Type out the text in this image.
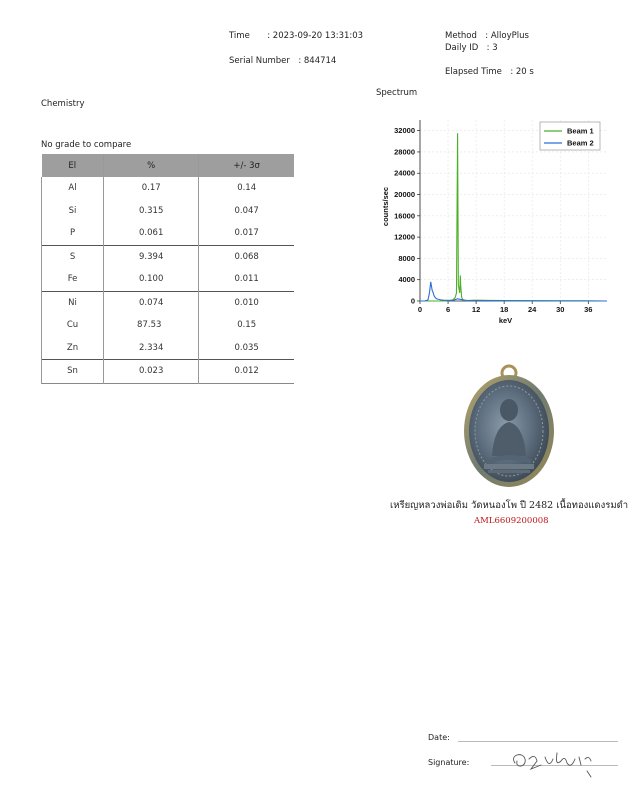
Time : 2023-09-20 13:31:03
Serial Number : 844714
Method : AlloyPlus
Daily ID : 3
Elapsed Time : 20 s
Chemistry
No grade to compare
El	%	+/- 3σ
Al	0.17	0.14
Si	0.315	0.047
P	0.061	0.017
S	9.394	0.068
Fe	0.100	0.011
Ni	0.074	0.010
Cu	87.53	0.15
Zn	2.334	0.035
Sn	0.023	0.012
Spectrum
0	6	12	18	24	30	36
0
4000
8000
12000
16000
20000
24000
28000
32000
keV
counts/sec
Beam 1
Beam 2
เหรียญหลวงพ่อเดิม วัดหนองโพ ปี 2482 เนื้อทองแดงรมดำ
AML6609200008
Date:
Signature:
